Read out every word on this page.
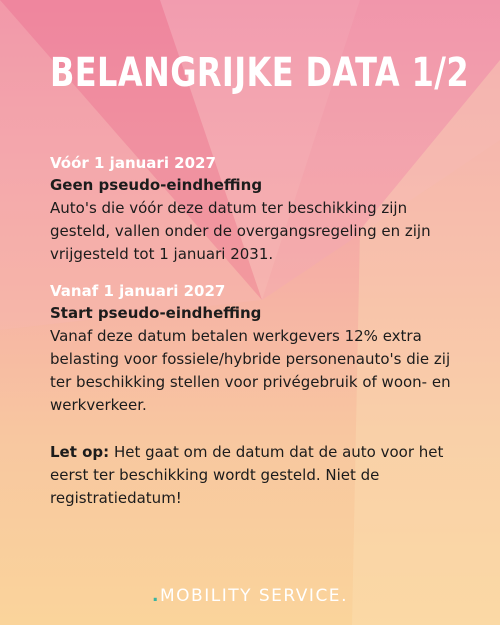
BELANGRIJKE DATA 1/2
Vóór 1 januari 2027
Geen pseudo-eindheffing

Auto's die vóór deze datum ter beschikking zijn gesteld, vallen onder de overgangsregeling en zijn vrijgesteld tot 1 januari 2031.

Vanaf 1 januari 2027
Start pseudo-eindheffing

Vanaf deze datum betalen werkgevers 12% extra belasting voor fossiele/hybride personenauto's die zij ter beschikking stellen voor privégebruik of woon- en werkverkeer.

Let op: Het gaat om de datum dat de auto voor het eerst ter beschikking wordt gesteld. Niet de registratiedatum!

.MOBILITY SERVICE.
